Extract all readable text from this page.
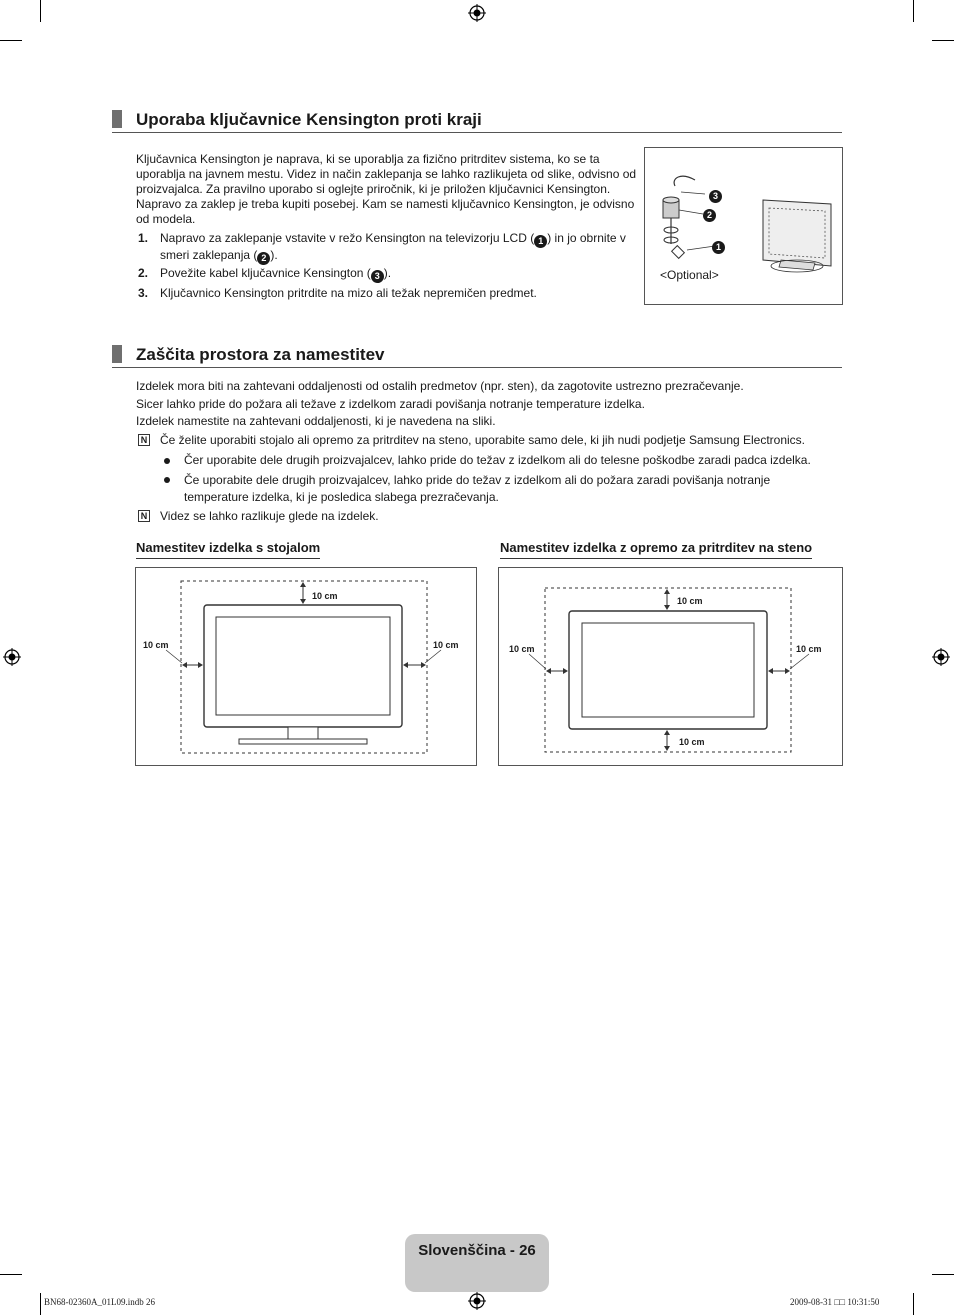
Uporaba ključavnice Kensington proti kraji

Ključavnica Kensington je naprava, ki se uporablja za fizično pritrditev sistema, ko se ta uporablja na javnem mestu. Videz in način zaklepanja se lahko razlikujeta od slike, odvisno od proizvajalca. Za pravilno uporabo si oglejte priročnik, ki je priložen ključavnici Kensington. Napravo za zaklep je treba kupiti posebej. Kam se namesti ključavnico Kensington, je odvisno od modela.

1. Napravo za zaklepanje vstavite v režo Kensington na televizorju LCD ( 1 ) in jo obrnite v smeri zaklepanja ( 2 ).

2. Povežite kabel ključavnice Kensington ( 3 ).

3. Ključavnico Kensington pritrdite na mizo ali težak nepremičen predmet.

3
2
1
<Optional>
Zaščita prostora za namestitev

Izdelek mora biti na zahtevani oddaljenosti od ostalih predmetov (npr. sten), da zagotovite ustrezno prezračevanje.

Sicer lahko pride do požara ali težave z izdelkom zaradi povišanja notranje temperature izdelka.

Izdelek namestite na zahtevani oddaljenosti, ki je navedena na sliki.

N Če želite uporabiti stojalo ali opremo za pritrditev na steno, uporabite samo dele, ki jih nudi podjetje Samsung Electronics.

Čer uporabite dele drugih proizvajalcev, lahko pride do težav z izdelkom ali do telesne poškodbe zaradi padca izdelka.

Če uporabite dele drugih proizvajalcev, lahko pride do težav z izdelkom ali do požara zaradi povišanja notranje temperature izdelka, ki je posledica slabega prezračevanja.

N Videz se lahko razlikuje glede na izdelek.

Namestitev izdelka s stojalom
10 cm
10 cm	10 cm
Namestitev izdelka z opremo za pritrditev na steno
10 cm
10 cm	10 cm
10 cm
Slovenščina - 26
BN68-02360A_01L09.indb 26	2009-08-31 □□ 10:31:50
